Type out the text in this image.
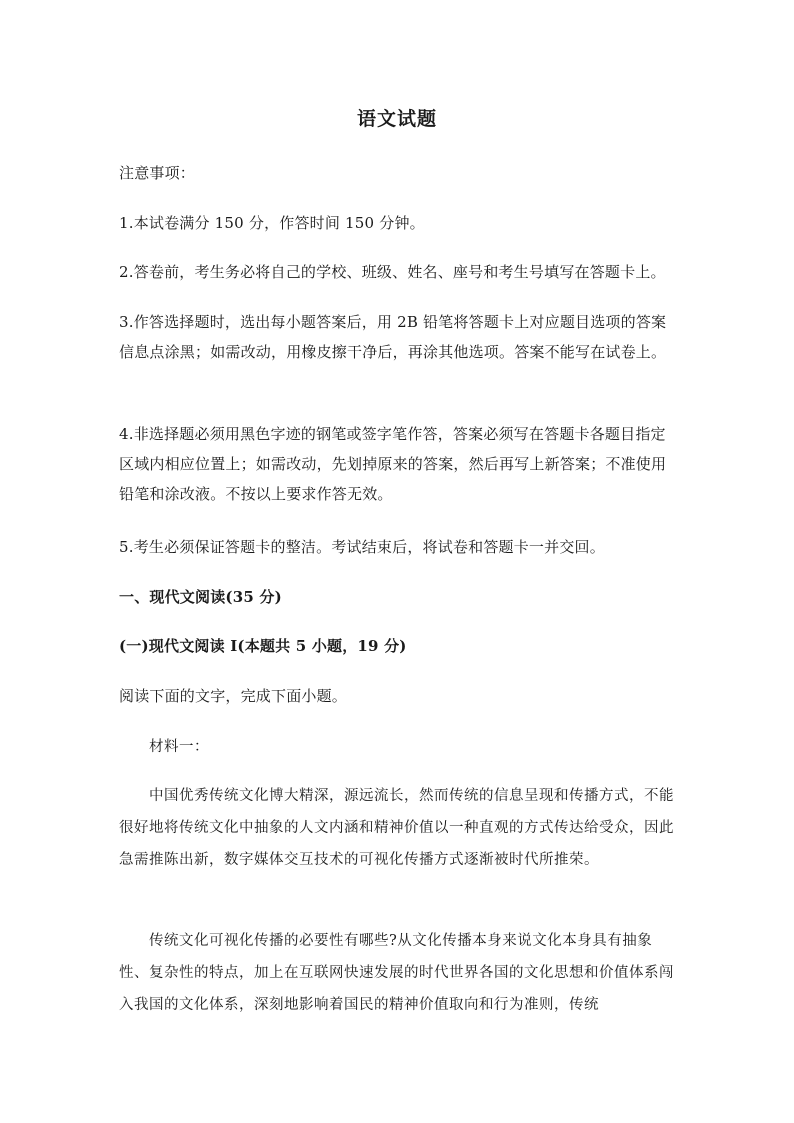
语文试题
注意事项：
1.本试卷满分 150 分，作答时间 150 分钟。
2.答卷前，考生务必将自己的学校、班级、姓名、座号和考生号填写在答题卡上。
3.作答选择题时，选出每小题答案后，用 2B 铅笔将答题卡上对应题目选项的答案信息点涂黑；如需改动，用橡皮擦干净后，再涂其他选项。答案不能写在试卷上。
4.非选择题必须用黑色字迹的钢笔或签字笔作答，答案必须写在答题卡各题目指定区域内相应位置上；如需改动，先划掉原来的答案，然后再写上新答案；不准使用铅笔和涂改液。不按以上要求作答无效。
5.考生必须保证答题卡的整洁。考试结束后，将试卷和答题卡一并交回。
一、现代文阅读(35 分)
(一)现代文阅读 I(本题共 5 小题，19 分)
阅读下面的文字，完成下面小题。
材料一：
中国优秀传统文化博大精深，源远流长，然而传统的信息呈现和传播方式，不能很好地将传统文化中抽象的人文内涵和精神价值以一种直观的方式传达给受众，因此急需推陈出新，数字媒体交互技术的可视化传播方式逐渐被时代所推荣。
传统文化可视化传播的必要性有哪些?从文化传播本身来说文化本身具有抽象性、复杂性的特点，加上在互联网快速发展的时代世界各国的文化思想和价值体系闯入我国的文化体系，深刻地影响着国民的精神价值取向和行为准则，传统
